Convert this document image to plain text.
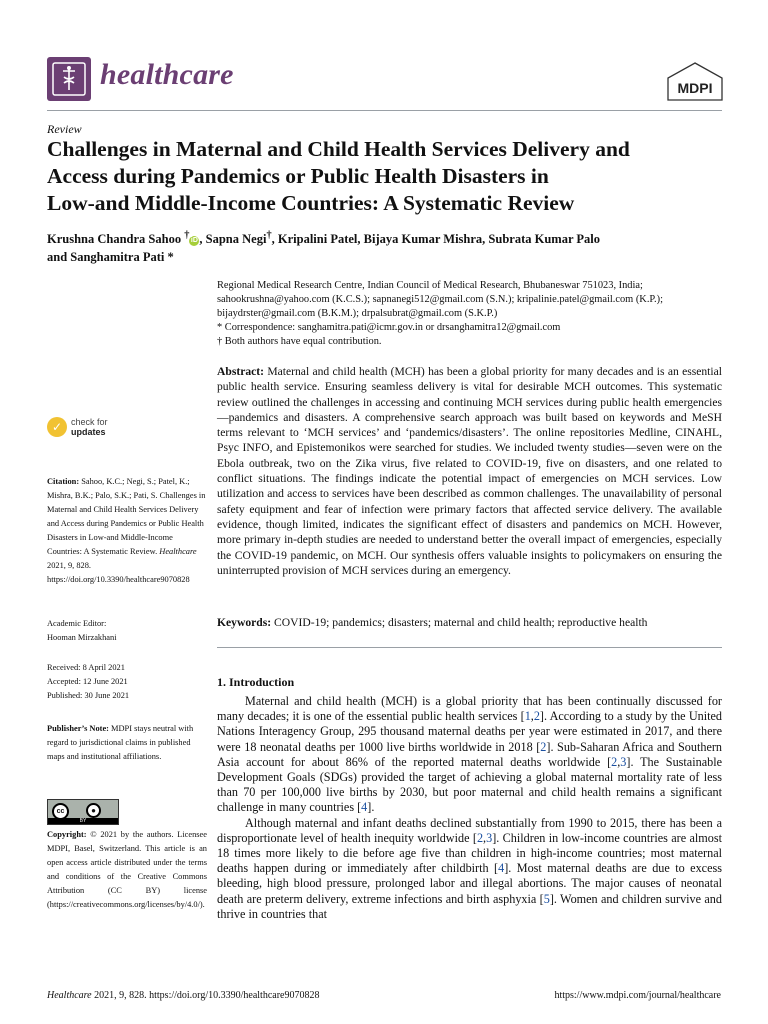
healthcare	MDPI
Review
Challenges in Maternal and Child Health Services Delivery and
Access during Pandemics or Public Health Disasters in
Low-and Middle-Income Countries: A Systematic Review
Krushna Chandra Sahoo † iD , Sapna Negi†, Kripalini Patel, Bijaya Kumar Mishra, Subrata Kumar Palo
and Sanghamitra Pati *
Regional Medical Research Centre, Indian Council of Medical Research, Bhubaneswar 751023, India;
sahookrushna@yahoo.com (K.C.S.); sapnanegi512@gmail.com (S.N.); kripalinie.patel@gmail.com (K.P.);
bijaydrster@gmail.com (B.K.M.); drpalsubrat@gmail.com (S.K.P.)
* Correspondence: sanghamitra.pati@icmr.gov.in or drsanghamitra12@gmail.com
† Both authors have equal contribution.
Abstract: Maternal and child health (MCH) has been a global priority for many decades and is an essential public health service. Ensuring seamless delivery is vital for desirable MCH outcomes. This systematic review outlined the challenges in accessing and continuing MCH services during public health emergencies—pandemics and disasters. A comprehensive search approach was built based on keywords and MeSH terms relevant to ‘MCH services’ and ‘pandemics/disasters’. The online repositories Medline, CINAHL, Psyc INFO, and Epistemonikos were searched for studies. We included twenty studies—seven were on the Ebola outbreak, two on the Zika virus, five related to COVID-19, five on disasters, and one related to conflict situations. The findings indicate the potential impact of emergencies on MCH services. Low utilization and access to services have been described as common challenges. The unavailability of personal safety equipment and fear of infection were primary factors that affected service delivery. The available evidence, though limited, indicates the significant effect of disasters and pandemics on MCH. However, more primary in-depth studies are needed to understand better the overall impact of emergencies, especially the COVID-19 pandemic, on MCH. Our synthesis offers valuable insights to policymakers on ensuring the uninterrupted provision of MCH services during an emergency.
Keywords: COVID-19; pandemics; disasters; maternal and child health; reproductive health
1. Introduction

Maternal and child health (MCH) is a global priority that has been continually discussed for many decades; it is one of the essential public health services [1,2]. According to a study by the United Nations Interagency Group, 295 thousand maternal deaths per year were estimated in 2017, and there were 18 neonatal deaths per 1000 live births worldwide in 2018 [2]. Sub-Saharan Africa and Southern Asia account for about 86% of the reported maternal deaths worldwide [2,3]. The Sustainable Development Goals (SDGs) provided the target of achieving a global maternal mortality rate of less than 70 per 100,000 live births by 2030, but poor maternal and child health remains a significant challenge in many countries [4].

Although maternal and infant deaths declined substantially from 1990 to 2015, there has been a disproportionate level of health inequity worldwide [2,3]. Children in low-income countries are almost 18 times more likely to die before age five than children in high-income countries; most maternal deaths happen during or immediately after childbirth [4]. Most maternal deaths are due to excess bleeding, high blood pressure, prolonged labor and illegal abortions. The major causes of neonatal death are preterm delivery, extreme infections and birth asphyxia [5]. Women and children survive and thrive in countries that

✓ check for
updates
Citation: Sahoo, K.C.; Negi, S.; Patel, K.; Mishra, B.K.; Palo, S.K.; Pati, S. Challenges in Maternal and Child Health Services Delivery and Access during Pandemics or Public Health Disasters in Low-and Middle-Income Countries: A Systematic Review. Healthcare 2021, 9, 828. https://doi.org/10.3390/healthcare9070828
Academic Editor:
Hooman Mirzakhani
Received: 8 April 2021
Accepted: 12 June 2021
Published: 30 June 2021
Publisher’s Note: MDPI stays neutral with regard to jurisdictional claims in published maps and institutional affiliations.
cc	●
BY
Copyright: © 2021 by the authors. Licensee MDPI, Basel, Switzerland. This article is an open access article distributed under the terms and conditions of the Creative Commons Attribution (CC BY) license (https://creativecommons.org/licenses/by/4.0/).
Healthcare 2021, 9, 828. https://doi.org/10.3390/healthcare9070828	https://www.mdpi.com/journal/healthcare
